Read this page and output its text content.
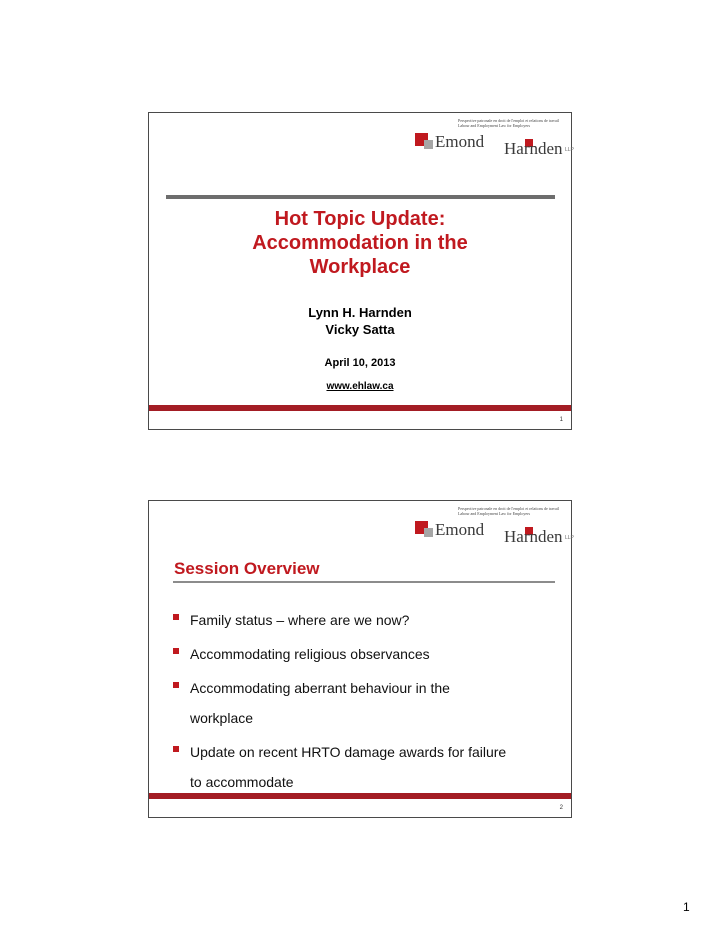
Perspective patronale en droit de l'emploi et relations de travail
Labour and Employment Law for Employers
Emond Harnden LLP
Hot Topic Update:
Accommodation in the
Workplace
Lynn H. Harnden
Vicky Satta
April 10, 2013
www.ehlaw.ca
1
Perspective patronale en droit de l'emploi et relations de travail
Labour and Employment Law for Employers
Emond Harnden LLP
Session Overview
Family status – where are we now?
Accommodating religious observances
Accommodating aberrant behaviour in the
workplace
Update on recent HRTO damage awards for failure
to accommodate
2
1
